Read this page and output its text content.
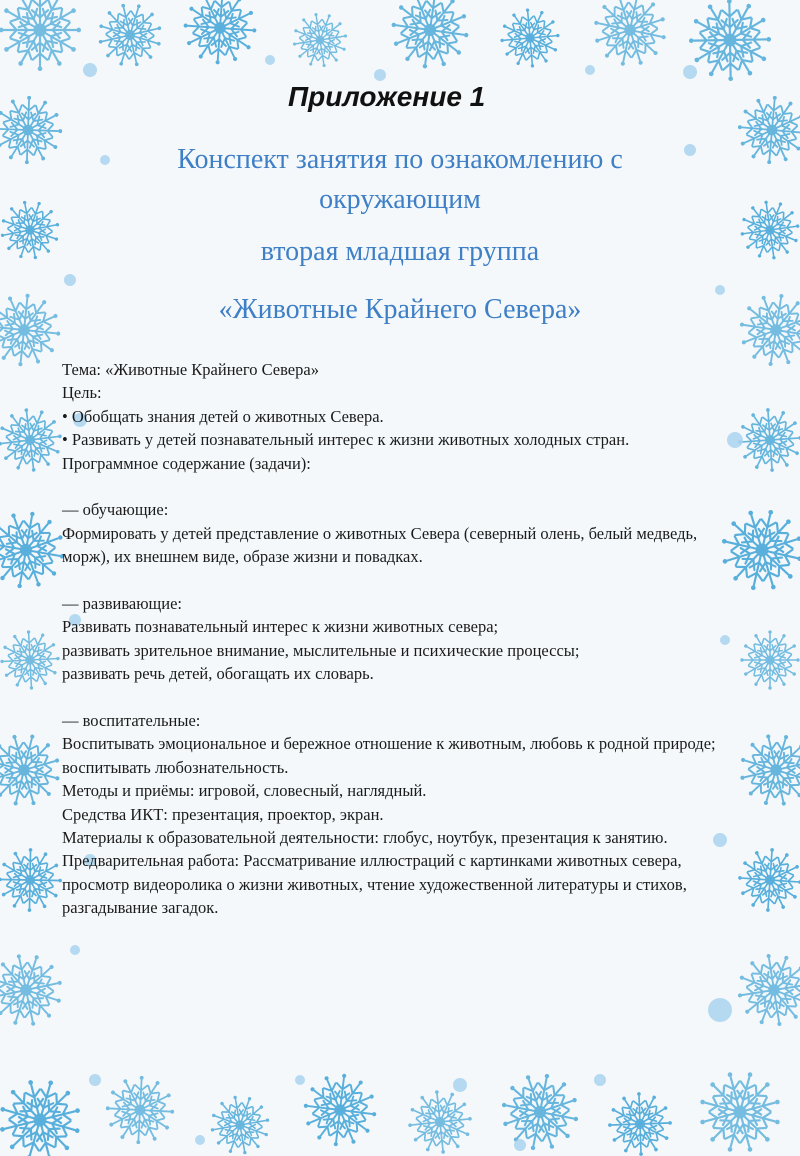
Приложение 1
Конспект занятия по ознакомлению с
окружающим
вторая младшая группа
«Животные Крайнего Севера»

Тема: «Животные Крайнего Севера»

Цель:

• Обобщать знания детей о животных Севера.

• Развивать у детей познавательный интерес к жизни животных холодных стран.

Программное содержание (задачи):

— обучающие:

Формировать у детей представление о животных Севера (северный олень, белый медведь, морж), их внешнем виде, образе жизни и повадках.

— развивающие:

Развивать познавательный интерес к жизни животных севера;

развивать зрительное внимание, мыслительные и психические процессы;

развивать речь детей, обогащать их словарь.

— воспитательные:

Воспитывать эмоциональное и бережное отношение к животным, любовь к родной природе;

воспитывать любознательность.

Методы и приёмы: игровой, словесный, наглядный.

Средства ИКТ: презентация, проектор, экран.

Материалы к образовательной деятельности: глобус, ноутбук, презентация к занятию.

Предварительная работа: Рассматривание иллюстраций с картинками животных севера, просмотр видеоролика о жизни животных, чтение художественной литературы и стихов, разгадывание загадок.
